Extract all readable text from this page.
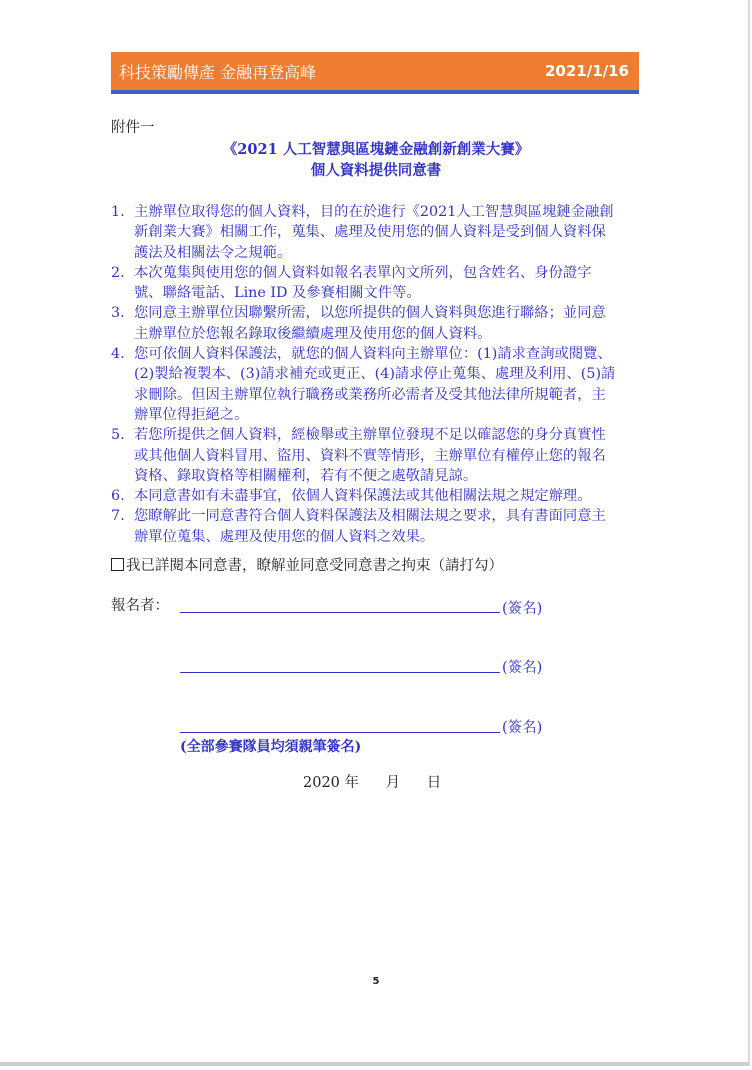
科技策勵傳產 金融再登高峰	2021/1/16
附件一
《2021 人工智慧與區塊鏈金融創新創業大賽》
個人資料提供同意書
1. 主辦單位取得您的個人資料，目的在於進行《2021人工智慧與區塊鏈金融創
新創業大賽》相關工作，蒐集、處理及使用您的個人資料是受到個人資料保
護法及相關法令之規範。
2. 本次蒐集與使用您的個人資料如報名表單內文所列，包含姓名、身份證字
號、聯絡電話、Line ID 及參賽相關文件等。
3. 您同意主辦單位因聯繫所需，以您所提供的個人資料與您進行聯絡；並同意
主辦單位於您報名錄取後繼續處理及使用您的個人資料。
4. 您可依個人資料保護法，就您的個人資料向主辦單位：(1)請求查詢或閱覽、
(2)製給複製本、(3)請求補充或更正、(4)請求停止蒐集、處理及利用、(5)請
求刪除。但因主辦單位執行職務或業務所必需者及受其他法律所規範者，主
辦單位得拒絕之。
5. 若您所提供之個人資料，經檢舉或主辦單位發現不足以確認您的身分真實性
或其他個人資料冒用、盜用、資料不實等情形，主辦單位有權停止您的報名
資格、錄取資格等相關權利，若有不便之處敬請見諒。
6. 本同意書如有未盡事宜，依個人資料保護法或其他相關法規之規定辦理。
7. 您瞭解此一同意書符合個人資料保護法及相關法規之要求，具有書面同意主
辦單位蒐集、處理及使用您的個人資料之效果。
我已詳閱本同意書，瞭解並同意受同意書之拘束（請打勾）
報名者：	(簽名)
(簽名)
(簽名)
(全部參賽隊員均須親筆簽名)
2020 年 月 日
5
